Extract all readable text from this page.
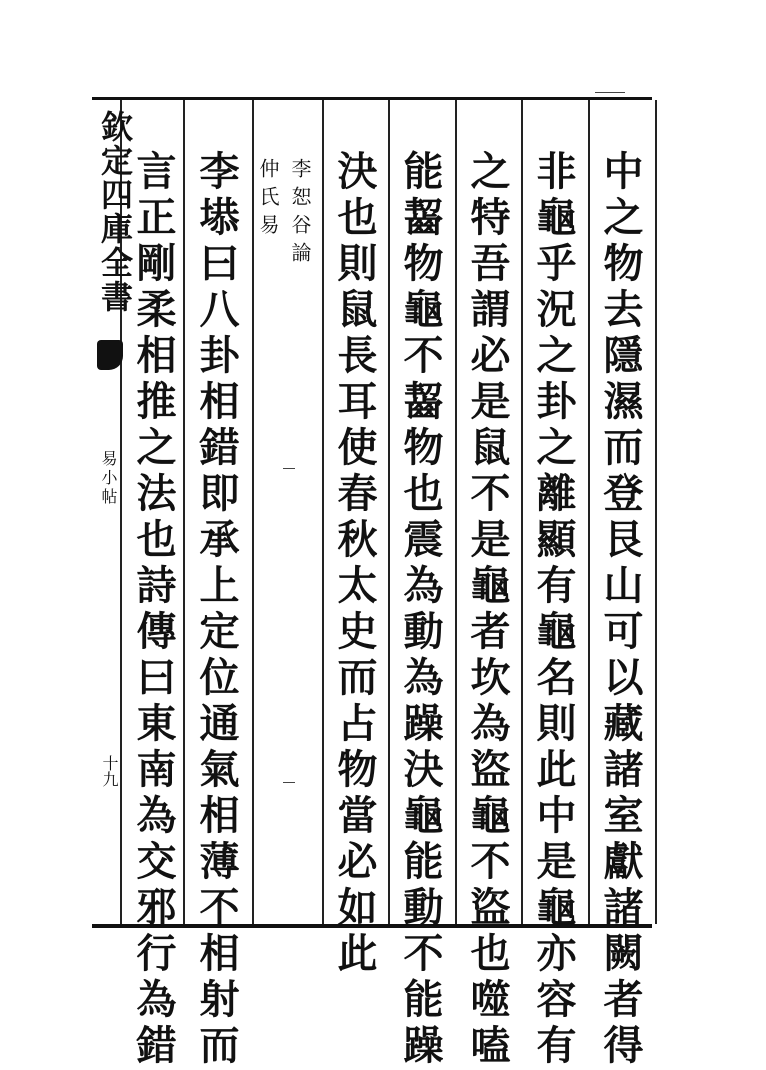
欽定四庫全書
易小帖
十九	中之物去隱濕而登艮山可以藏諸室獻諸闕者得
非龜乎況之卦之離顯有龜名則此中是龜亦容有
之特吾謂必是鼠不是龜者坎為盜龜不盜也噬嗑
能齧物龜不齧物也震為動為躁決龜能動不能躁
決也則鼠長耳使春秋太史而占物當必如此
李恕谷論
仲氏易
李塨曰八卦相錯即承上定位通氣相薄不相射而
言正剛柔相推之法也詩傳曰東南為交邪行為錯
